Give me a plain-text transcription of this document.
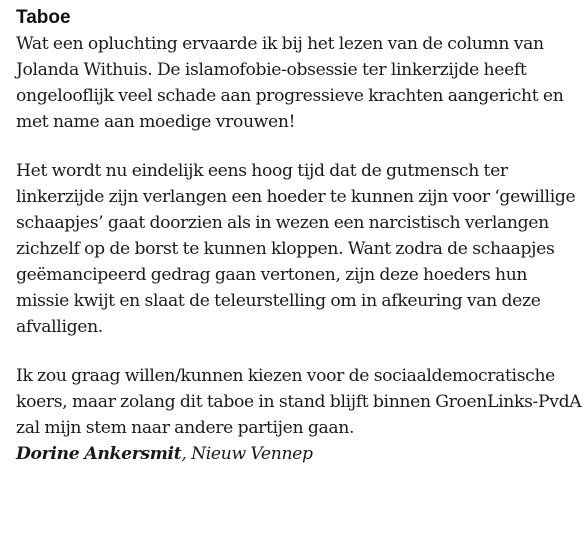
Taboe

Wat een opluchting ervaarde ik bij het lezen van de column van Jolanda Withuis. De islamofobie-obsessie ter linkerzijde heeft ongelooflijk veel schade aan progressieve krachten aangericht en met name aan moedige vrouwen!

Het wordt nu eindelijk eens hoog tijd dat de gutmensch ter linkerzijde zijn verlangen een hoeder te kunnen zijn voor ‘gewillige schaapjes’ gaat doorzien als in wezen een narcistisch verlangen zichzelf op de borst te kunnen kloppen. Want zodra de schaapjes geëmancipeerd gedrag gaan vertonen, zijn deze hoeders hun missie kwijt en slaat de teleurstelling om in afkeuring van deze afvalligen.

Ik zou graag willen/kunnen kiezen voor de sociaaldemocratische koers, maar zolang dit taboe in stand blijft binnen GroenLinks-PvdA zal mijn stem naar andere partijen gaan.

Dorine Ankersmit, Nieuw Vennep
